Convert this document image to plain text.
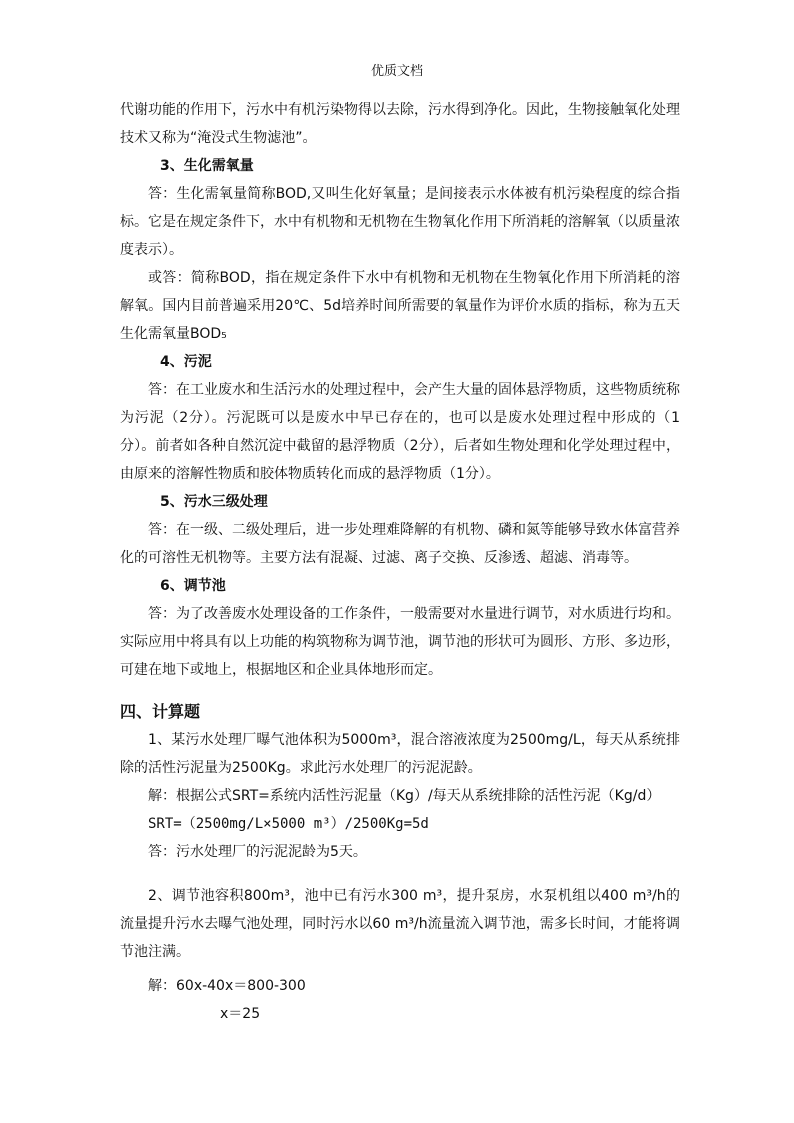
优质文档

代谢功能的作用下，污水中有机污染物得以去除，污水得到净化。因此，生物接触氧化处理技术又称为“淹没式生物滤池”。

3、生化需氧量

答：生化需氧量简称BOD,又叫生化好氧量；是间接表示水体被有机污染程度的综合指标。它是在规定条件下，水中有机物和无机物在生物氧化作用下所消耗的溶解氧（以质量浓度表示）。

或答：简称BOD，指在规定条件下水中有机物和无机物在生物氧化作用下所消耗的溶解氧。国内目前普遍采用20℃、5d培养时间所需要的氧量作为评价水质的指标，称为五天生化需氧量BOD₅

4、污泥

答：在工业废水和生活污水的处理过程中，会产生大量的固体悬浮物质，这些物质统称为污泥（2分）。污泥既可以是废水中早已存在的，也可以是废水处理过程中形成的（1分）。前者如各种自然沉淀中截留的悬浮物质（2分），后者如生物处理和化学处理过程中，由原来的溶解性物质和胶体物质转化而成的悬浮物质（1分）。

5、污水三级处理

答：在一级、二级处理后，进一步处理难降解的有机物、磷和氮等能够导致水体富营养化的可溶性无机物等。主要方法有混凝、过滤、离子交换、反渗透、超滤、消毒等。

6、调节池

答：为了改善废水处理设备的工作条件，一般需要对水量进行调节，对水质进行均和。实际应用中将具有以上功能的构筑物称为调节池，调节池的形状可为圆形、方形、多边形，可建在地下或地上，根据地区和企业具体地形而定。

四、计算题

1、某污水处理厂曝气池体积为5000m³，混合溶液浓度为2500mg/L，每天从系统排除的活性污泥量为2500Kg。求此污水处理厂的污泥泥龄。

解：根据公式SRT=系统内活性污泥量（Kg）/每天从系统排除的活性污泥（Kg/d）

SRT=（2500mg/L×5000 m³）/2500Kg=5d

答：污水处理厂的污泥泥龄为5天。

2、调节池容积800m³，池中已有污水300 m³，提升泵房，水泵机组以400 m³/h的流量提升污水去曝气池处理，同时污水以60 m³/h流量流入调节池，需多长时间，才能将调节池注满。

解：60x-40x＝800-300

x＝25
